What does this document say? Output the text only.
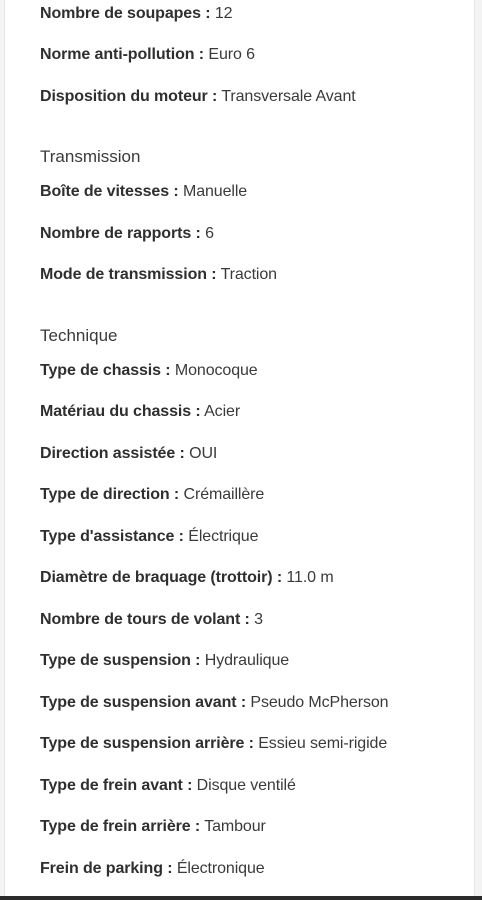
Nombre de soupapes : 12
Norme anti-pollution : Euro 6
Disposition du moteur : Transversale Avant
Transmission
Boîte de vitesses : Manuelle
Nombre de rapports : 6
Mode de transmission : Traction
Technique
Type de chassis : Monocoque
Matériau du chassis : Acier
Direction assistée : OUI
Type de direction : Crémaillère
Type d'assistance : Électrique
Diamètre de braquage (trottoir) : 11.0 m
Nombre de tours de volant : 3
Type de suspension : Hydraulique
Type de suspension avant : Pseudo McPherson
Type de suspension arrière : Essieu semi-rigide
Type de frein avant : Disque ventilé
Type de frein arrière : Tambour
Frein de parking : Électronique
